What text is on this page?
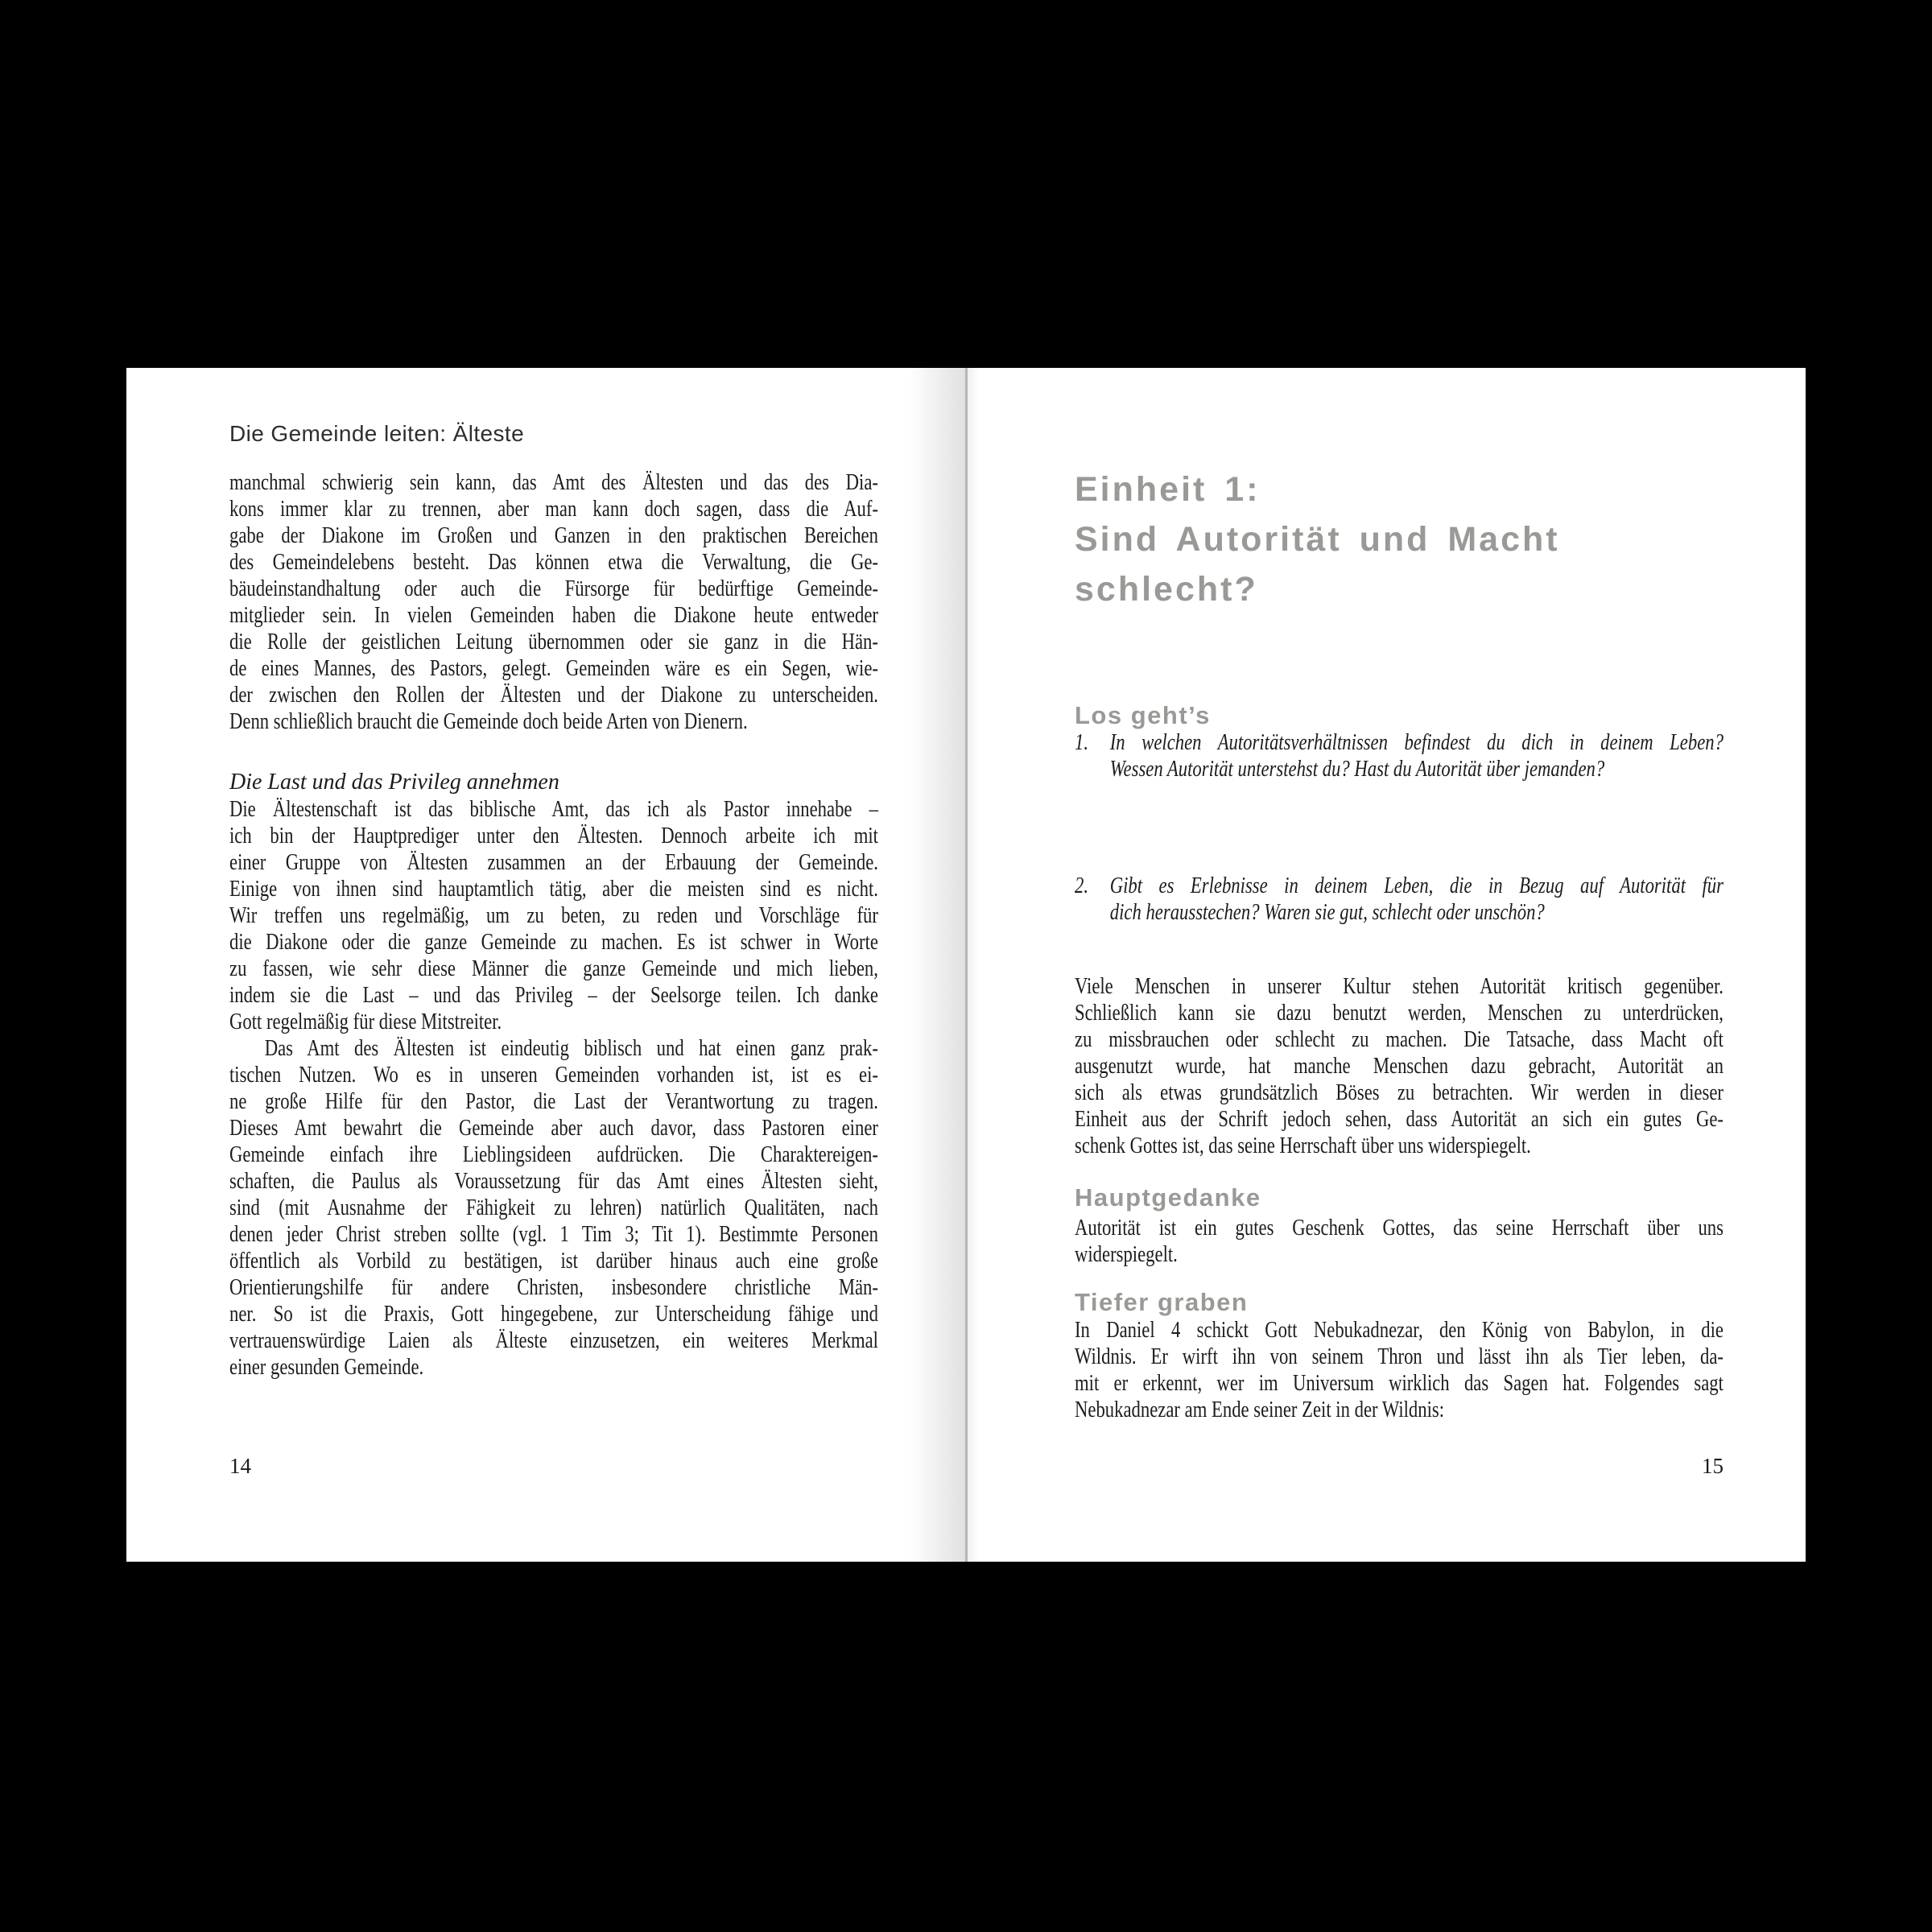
Die Gemeinde leiten: Älteste
manchmal schwierig sein kann, das Amt des Ältesten und das des Dia-
kons immer klar zu trennen, aber man kann doch sagen, dass die Auf-
gabe der Diakone im Großen und Ganzen in den praktischen Bereichen
des Gemeindelebens besteht. Das können etwa die Verwaltung, die Ge-
bäudeinstandhaltung oder auch die Fürsorge für bedürftige Gemeinde-
mitglieder sein. In vielen Gemeinden haben die Diakone heute entweder
die Rolle der geistlichen Leitung übernommen oder sie ganz in die Hän-
de eines Mannes, des Pastors, gelegt. Gemeinden wäre es ein Segen, wie-
der zwischen den Rollen der Ältesten und der Diakone zu unterscheiden.
Denn schließlich braucht die Gemeinde doch beide Arten von Dienern.
Die Last und das Privileg annehmen
Die Ältestenschaft ist das biblische Amt, das ich als Pastor innehabe –
ich bin der Hauptprediger unter den Ältesten. Dennoch arbeite ich mit
einer Gruppe von Ältesten zusammen an der Erbauung der Gemeinde.
Einige von ihnen sind hauptamtlich tätig, aber die meisten sind es nicht.
Wir treffen uns regelmäßig, um zu beten, zu reden und Vorschläge für
die Diakone oder die ganze Gemeinde zu machen. Es ist schwer in Worte
zu fassen, wie sehr diese Männer die ganze Gemeinde und mich lieben,
indem sie die Last – und das Privileg – der Seelsorge teilen. Ich danke
Gott regelmäßig für diese Mitstreiter.
Das Amt des Ältesten ist eindeutig biblisch und hat einen ganz prak-
tischen Nutzen. Wo es in unseren Gemeinden vorhanden ist, ist es ei-
ne große Hilfe für den Pastor, die Last der Verantwortung zu tragen.
Dieses Amt bewahrt die Gemeinde aber auch davor, dass Pastoren einer
Gemeinde einfach ihre Lieblingsideen aufdrücken. Die Charaktereigen-
schaften, die Paulus als Voraussetzung für das Amt eines Ältesten sieht,
sind (mit Ausnahme der Fähigkeit zu lehren) natürlich Qualitäten, nach
denen jeder Christ streben sollte (vgl. 1 Tim 3; Tit 1). Bestimmte Personen
öffentlich als Vorbild zu bestätigen, ist darüber hinaus auch eine große
Orientierungshilfe für andere Christen, insbesondere christliche Män-
ner. So ist die Praxis, Gott hingegebene, zur Unterscheidung fähige und
vertrauenswürdige Laien als Älteste einzusetzen, ein weiteres Merkmal
einer gesunden Gemeinde.
14
Einheit 1:
Sind Autorität und Macht
schlecht?
Los geht’s
1. In welchen Autoritätsverhältnissen befindest du dich in deinem Leben?
Wessen Autorität unterstehst du? Hast du Autorität über jemanden?
2. Gibt es Erlebnisse in deinem Leben, die in Bezug auf Autorität für
dich herausstechen? Waren sie gut, schlecht oder unschön?
Viele Menschen in unserer Kultur stehen Autorität kritisch gegenüber.
Schließlich kann sie dazu benutzt werden, Menschen zu unterdrücken,
zu missbrauchen oder schlecht zu machen. Die Tatsache, dass Macht oft
ausgenutzt wurde, hat manche Menschen dazu gebracht, Autorität an
sich als etwas grundsätzlich Böses zu betrachten. Wir werden in dieser
Einheit aus der Schrift jedoch sehen, dass Autorität an sich ein gutes Ge-
schenk Gottes ist, das seine Herrschaft über uns widerspiegelt.
Hauptgedanke
Autorität ist ein gutes Geschenk Gottes, das seine Herrschaft über uns
widerspiegelt.
Tiefer graben
In Daniel 4 schickt Gott Nebukadnezar, den König von Babylon, in die
Wildnis. Er wirft ihn von seinem Thron und lässt ihn als Tier leben, da-
mit er erkennt, wer im Universum wirklich das Sagen hat. Folgendes sagt
Nebukadnezar am Ende seiner Zeit in der Wildnis:
15
